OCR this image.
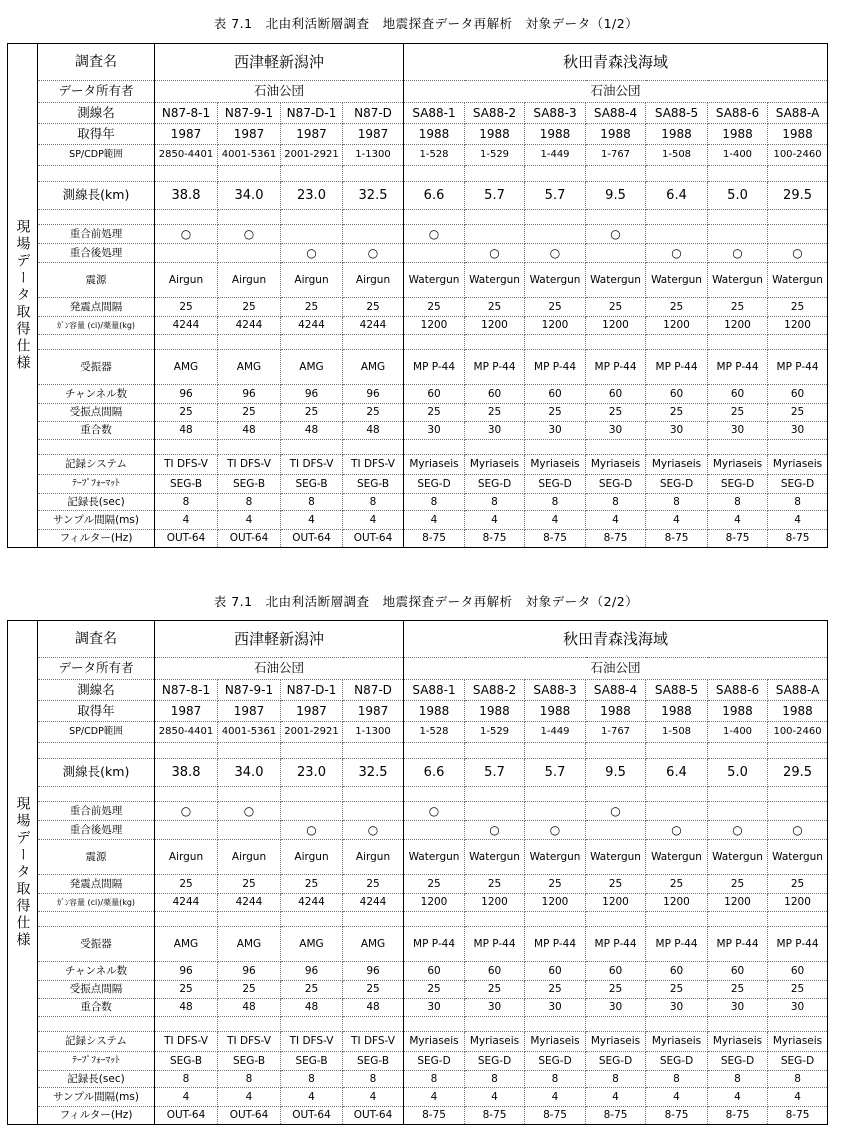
表 7.1　北由利活断層調査　地震探査データ再解析　対象データ（1/2）
現場データ取得仕様	調査名	西津軽新潟沖				秋田青森浅海域						
	データ所有者	石油公団				石油公団						
	測線名	N87-8-1	N87-9-1	N87-D-1	N87-D	SA88-1	SA88-2	SA88-3	SA88-4	SA88-5	SA88-6	SA88-A
	取得年	1987	1987	1987	1987	1988	1988	1988	1988	1988	1988	1988
	SP/CDP範囲	2850-4401	4001-5361	2001-2921	1-1300	1-528	1-529	1-449	1-767	1-508	1-400	100-2460

	測線長(km)	38.8	34.0	23.0	32.5	6.6	5.7	5.7	9.5	6.4	5.0	29.5

	重合前処理	○	○			○			○			
	重合後処理			○	○		○	○		○	○	○
	震源	Airgun	Airgun	Airgun	Airgun	Watergun	Watergun	Watergun	Watergun	Watergun	Watergun	Watergun
	発震点間隔	25	25	25	25	25	25	25	25	25	25	25
	ｶﾞﾝ容量 (ci)/薬量(kg)	4244	4244	4244	4244	1200	1200	1200	1200	1200	1200	1200

	受振器	AMG	AMG	AMG	AMG	MP P-44	MP P-44	MP P-44	MP P-44	MP P-44	MP P-44	MP P-44
	チャンネル数	96	96	96	96	60	60	60	60	60	60	60
	受振点間隔	25	25	25	25	25	25	25	25	25	25	25
	重合数	48	48	48	48	30	30	30	30	30	30	30

	記録システム	TI DFS-V	TI DFS-V	TI DFS-V	TI DFS-V	Myriaseis	Myriaseis	Myriaseis	Myriaseis	Myriaseis	Myriaseis	Myriaseis
	ﾃｰﾌﾟﾌｫｰﾏｯﾄ	SEG-B	SEG-B	SEG-B	SEG-B	SEG-D	SEG-D	SEG-D	SEG-D	SEG-D	SEG-D	SEG-D
	記録長(sec)	8	8	8	8	8	8	8	8	8	8	8
	サンプル間隔(ms)	4	4	4	4	4	4	4	4	4	4	4
	フィルター(Hz)	OUT-64	OUT-64	OUT-64	OUT-64	8-75	8-75	8-75	8-75	8-75	8-75	8-75
表 7.1　北由利活断層調査　地震探査データ再解析　対象データ（2/2）
現場データ取得仕様	調査名	西津軽新潟沖				秋田青森浅海域						
	データ所有者	石油公団				石油公団						
	測線名	N87-8-1	N87-9-1	N87-D-1	N87-D	SA88-1	SA88-2	SA88-3	SA88-4	SA88-5	SA88-6	SA88-A
	取得年	1987	1987	1987	1987	1988	1988	1988	1988	1988	1988	1988
	SP/CDP範囲	2850-4401	4001-5361	2001-2921	1-1300	1-528	1-529	1-449	1-767	1-508	1-400	100-2460

	測線長(km)	38.8	34.0	23.0	32.5	6.6	5.7	5.7	9.5	6.4	5.0	29.5

	重合前処理	○	○			○			○			
	重合後処理			○	○		○	○		○	○	○
	震源	Airgun	Airgun	Airgun	Airgun	Watergun	Watergun	Watergun	Watergun	Watergun	Watergun	Watergun
	発震点間隔	25	25	25	25	25	25	25	25	25	25	25
	ｶﾞﾝ容量 (ci)/薬量(kg)	4244	4244	4244	4244	1200	1200	1200	1200	1200	1200	1200

	受振器	AMG	AMG	AMG	AMG	MP P-44	MP P-44	MP P-44	MP P-44	MP P-44	MP P-44	MP P-44
	チャンネル数	96	96	96	96	60	60	60	60	60	60	60
	受振点間隔	25	25	25	25	25	25	25	25	25	25	25
	重合数	48	48	48	48	30	30	30	30	30	30	30

	記録システム	TI DFS-V	TI DFS-V	TI DFS-V	TI DFS-V	Myriaseis	Myriaseis	Myriaseis	Myriaseis	Myriaseis	Myriaseis	Myriaseis
	ﾃｰﾌﾟﾌｫｰﾏｯﾄ	SEG-B	SEG-B	SEG-B	SEG-B	SEG-D	SEG-D	SEG-D	SEG-D	SEG-D	SEG-D	SEG-D
	記録長(sec)	8	8	8	8	8	8	8	8	8	8	8
	サンプル間隔(ms)	4	4	4	4	4	4	4	4	4	4	4
	フィルター(Hz)	OUT-64	OUT-64	OUT-64	OUT-64	8-75	8-75	8-75	8-75	8-75	8-75	8-75
